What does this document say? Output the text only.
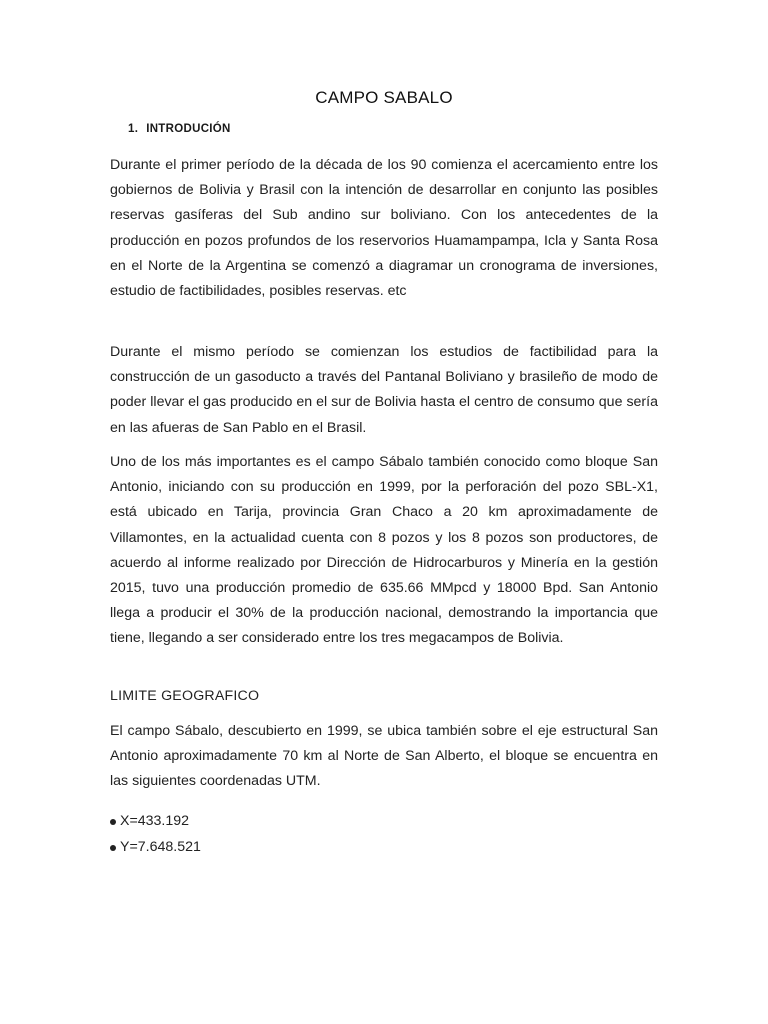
CAMPO SABALO
1. INTRODUCIÓN

Durante el primer período de la década de los 90 comienza el acercamiento entre los gobiernos de Bolivia y Brasil con la intención de desarrollar en conjunto las posibles reservas gasíferas del Sub andino sur boliviano. Con los antecedentes de la producción en pozos profundos de los reservorios Huamampampa, Icla y Santa Rosa en el Norte de la Argentina se comenzó a diagramar un cronograma de inversiones, estudio de factibilidades, posibles reservas. etc

Durante el mismo período se comienzan los estudios de factibilidad para la construcción de un gasoducto a través del Pantanal Boliviano y brasileño de modo de poder llevar el gas producido en el sur de Bolivia hasta el centro de consumo que sería en las afueras de San Pablo en el Brasil.

Uno de los más importantes es el campo Sábalo también conocido como bloque San Antonio, iniciando con su producción en 1999, por la perforación del pozo SBL-X1, está ubicado en Tarija, provincia Gran Chaco a 20 km aproximadamente de Villamontes, en la actualidad cuenta con 8 pozos y los 8 pozos son productores, de acuerdo al informe realizado por Dirección de Hidrocarburos y Minería en la gestión 2015, tuvo una producción promedio de 635.66 MMpcd y 18000 Bpd. San Antonio llega a producir el 30% de la producción nacional, demostrando la importancia que tiene, llegando a ser considerado entre los tres megacampos de Bolivia.

LIMITE GEOGRAFICO

El campo Sábalo, descubierto en 1999, se ubica también sobre el eje estructural San Antonio aproximadamente 70 km al Norte de San Alberto, el bloque se encuentra en las siguientes coordenadas UTM.

X=433.192
Y=7.648.521
